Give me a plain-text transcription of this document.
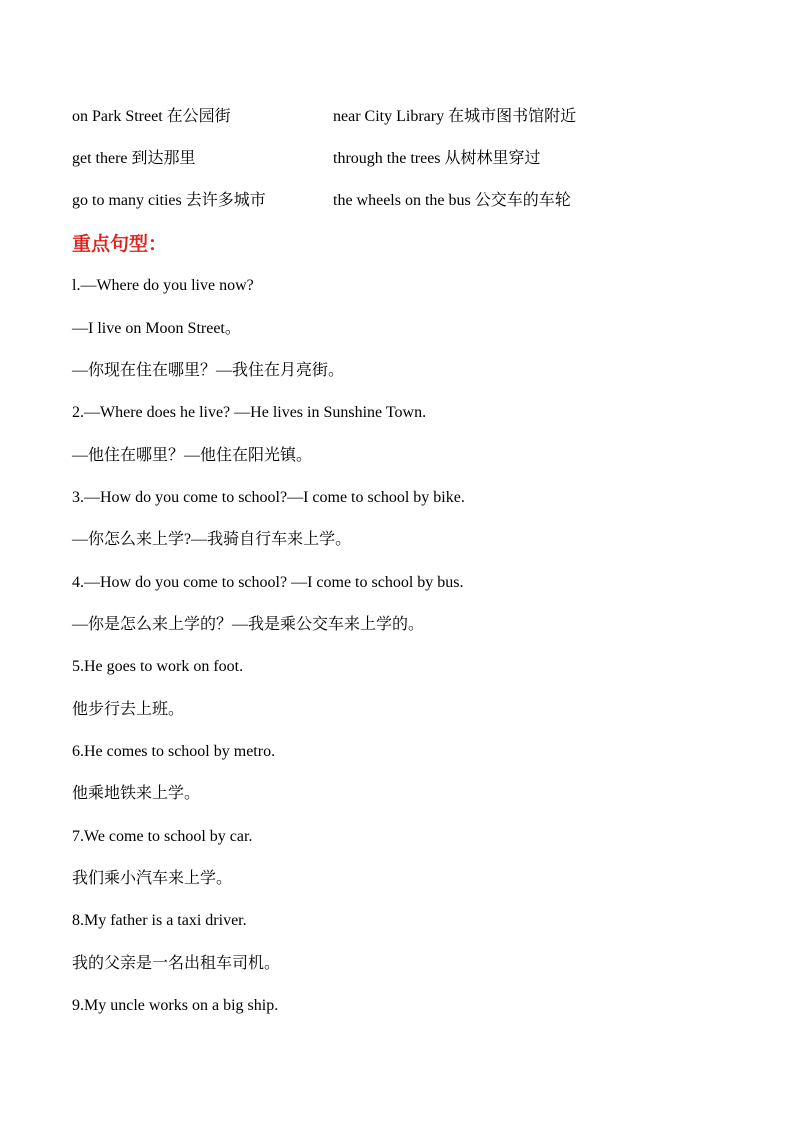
on Park Street 在公园街	near City Library 在城市图书馆附近
get there 到达那里	through the trees 从树林里穿过
go to many cities 去许多城市	the wheels on the bus 公交车的车轮
重点句型：
l.—Where do you live now?
—I live on Moon Street。
—你现在住在哪里？—我住在月亮街。
2.—Where does he live? —He lives in Sunshine Town.
—他住在哪里？—他住在阳光镇。
3.—How do you come to school?—I come to school by bike.
—你怎么来上学?—我骑自行车来上学。
4.—How do you come to school? —I come to school by bus.
—你是怎么来上学的？—我是乘公交车来上学的。
5.He goes to work on foot.
他步行去上班。
6.He comes to school by metro.
他乘地铁来上学。
7.We come to school by car.
我们乘小汽车来上学。
8.My father is a taxi driver.
我的父亲是一名出租车司机。
9.My uncle works on a big ship.
